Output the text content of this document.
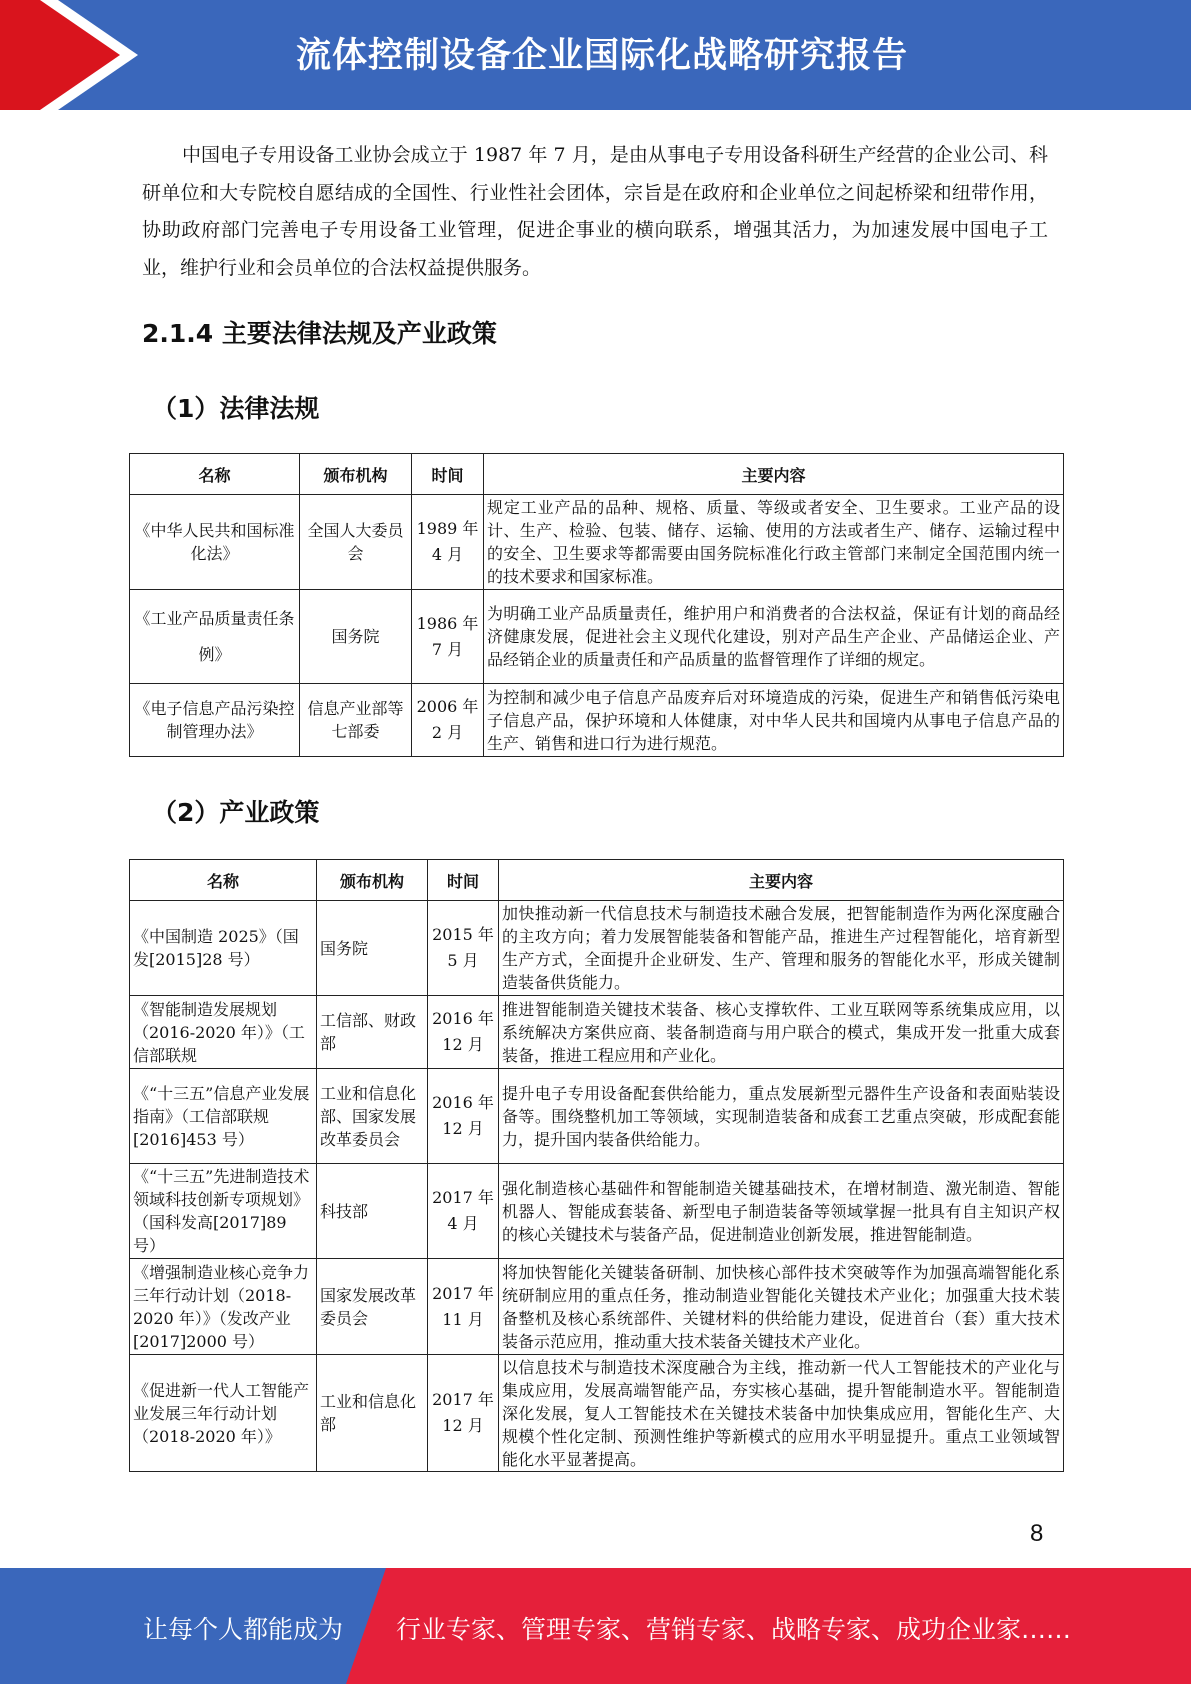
流体控制设备企业国际化战略研究报告
中国电子专用设备工业协会成立于 1987 年 7 月，是由从事电子专用设备科研生产经营的企业公司、科研单位和大专院校自愿结成的全国性、行业性社会团体，宗旨是在政府和企业单位之间起桥梁和纽带作用，协助政府部门完善电子专用设备工业管理，促进企事业的横向联系，增强其活力，为加速发展中国电子工业，维护行业和会员单位的合法权益提供服务。
2.1.4 主要法律法规及产业政策
（1）法律法规
名称	颁布机构	时间	主要内容
《中华人民共和国标准化法》	全国人大委员会	1989 年 4 月	规定工业产品的品种、规格、质量、等级或者安全、卫生要求。工业产品的设计、生产、检验、包装、储存、运输、使用的方法或者生产、储存、运输过程中的安全、卫生要求等都需要由国务院标准化行政主管部门来制定全国范围内统一的技术要求和国家标准。
《工业产品质量责任条例》	国务院	1986 年 7 月	为明确工业产品质量责任，维护用户和消费者的合法权益，保证有计划的商品经济健康发展，促进社会主义现代化建设，别对产品生产企业、产品储运企业、产品经销企业的质量责任和产品质量的监督管理作了详细的规定。
《电子信息产品污染控制管理办法》	信息产业部等七部委	2006 年 2 月	为控制和减少电子信息产品废弃后对环境造成的污染，促进生产和销售低污染电子信息产品，保护环境和人体健康，对中华人民共和国境内从事电子信息产品的生产、销售和进口行为进行规范。
（2）产业政策
名称	颁布机构	时间	主要内容
《中国制造 2025》（国 发[2015]28 号）	国务院	2015 年 5 月	加快推动新一代信息技术与制造技术融合发展，把智能制造作为两化深度融合的主攻方向；着力发展智能装备和智能产品，推进生产过程智能化，培育新型生产方式，全面提升企业研发、生产、管理和服务的智能化水平，形成关键制造装备供货能力。
《智能制造发展规划（2016-2020 年）》（工 信部联规	工信部、财政部	2016 年 12 月	推进智能制造关键技术装备、核心支撑软件、工业互联网等系统集成应用，以系统解决方案供应商、装备制造商与用户联合的模式，集成开发一批重大成套装备，推进工程应用和产业化。
《“十三五”信息产业发展指南》（工信部联规[2016]453 号）	工业和信息化部、国家发展改革委员会	2016 年 12 月	提升电子专用设备配套供给能力，重点发展新型元器件生产设备和表面贴装设备等。围绕整机加工等领域，实现制造装备和成套工艺重点突破，形成配套能力，提升国内装备供给能力。
《“十三五”先进制造技术领域科技创新专项规划》（国科发高[2017]89 号）	科技部	2017 年 4 月	强化制造核心基础件和智能制造关键基础技术，在增材制造、激光制造、智能机器人、智能成套装备、新型电子制造装备等领域掌握一批具有自主知识产权的核心关键技术与装备产品，促进制造业创新发展，推进智能制造。
《增强制造业核心竞争力三年行动计划（2018-2020 年）》（发改产业[2017]2000 号）	国家发展改革委员会	2017 年 11 月	将加快智能化关键装备研制、加快核心部件技术突破等作为加强高端智能化系统研制应用的重点任务，推动制造业智能化关键技术产业化；加强重大技术装备整机及核心系统部件、关键材料的供给能力建设，促进首台（套）重大技术装备示范应用，推动重大技术装备关键技术产业化。
《促进新一代人工智能产业发展三年行动计划（2018-2020 年）》	工业和信息化部	2017 年 12 月	以信息技术与制造技术深度融合为主线，推动新一代人工智能技术的产业化与集成应用，发展高端智能产品，夯实核心基础，提升智能制造水平。智能制造深化发展，复人工智能技术在关键技术装备中加快集成应用，智能化生产、大规模个性化定制、预测性维护等新模式的应用水平明显提升。重点工业领域智能化水平显著提高。
8
让每个人都能成为 行业专家、管理专家、营销专家、战略专家、成功企业家……
